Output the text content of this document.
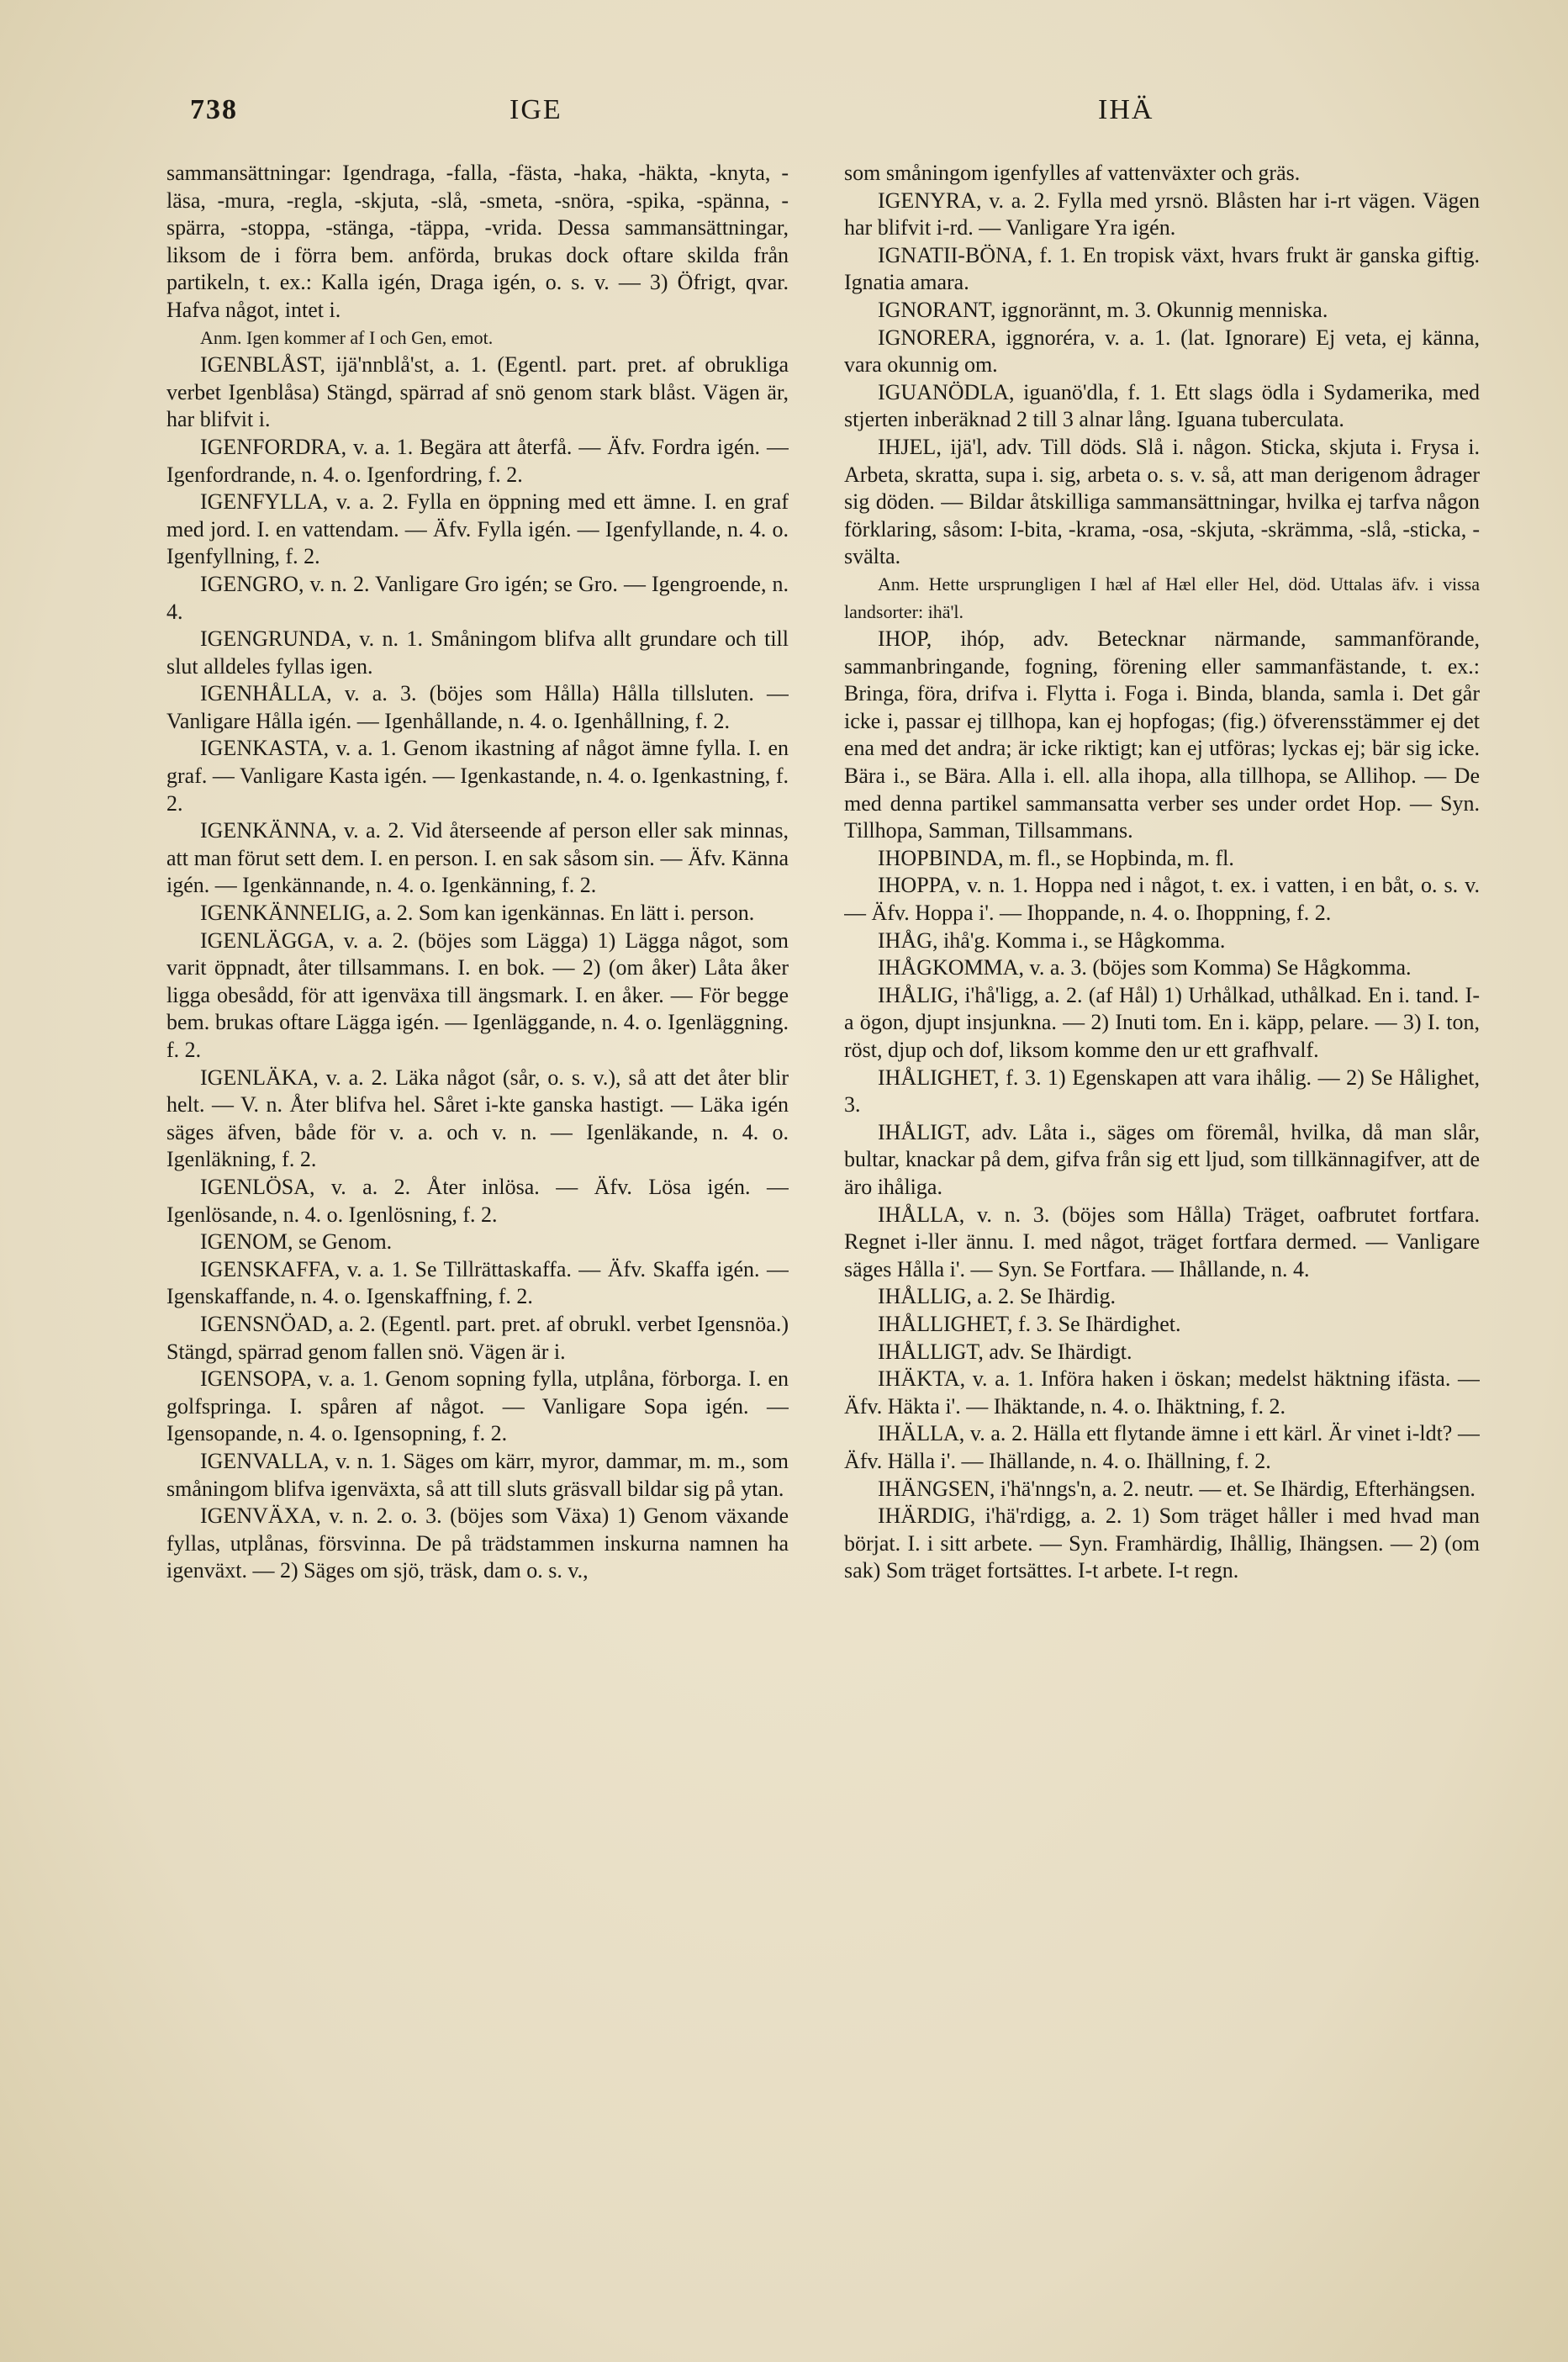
738	IGE	IHÄ

sammansättningar: Igendraga, -falla, -fästa, -haka, -häkta, -knyta, -läsa, -mura, -regla, -skjuta, -slå, -smeta, -snöra, -spika, -spänna, -spärra, -stoppa, -stänga, -täppa, -vrida. Dessa sammansättningar, liksom de i förra bem. anförda, brukas dock oftare skilda från partikeln, t. ex.: Kalla igén, Draga igén, o. s. v. — 3) Öfrigt, qvar. Hafva något, intet i.

Anm. Igen kommer af I och Gen, emot.

IGENBLÅST, ijä'nnblå'st, a. 1. (Egentl. part. pret. af obrukliga verbet Igenblåsa) Stängd, spärrad af snö genom stark blåst. Vägen är, har blifvit i.

IGENFORDRA, v. a. 1. Begära att återfå. — Äfv. Fordra igén. — Igenfordrande, n. 4. o. Igenfordring, f. 2.

IGENFYLLA, v. a. 2. Fylla en öppning med ett ämne. I. en graf med jord. I. en vattendam. — Äfv. Fylla igén. — Igenfyllande, n. 4. o. Igenfyllning, f. 2.

IGENGRO, v. n. 2. Vanligare Gro igén; se Gro. — Igengroende, n. 4.

IGENGRUNDA, v. n. 1. Småningom blifva allt grundare och till slut alldeles fyllas igen.

IGENHÅLLA, v. a. 3. (böjes som Hålla) Hålla tillsluten. — Vanligare Hålla igén. — Igenhållande, n. 4. o. Igenhållning, f. 2.

IGENKASTA, v. a. 1. Genom ikastning af något ämne fylla. I. en graf. — Vanligare Kasta igén. — Igenkastande, n. 4. o. Igenkastning, f. 2.

IGENKÄNNA, v. a. 2. Vid återseende af person eller sak minnas, att man förut sett dem. I. en person. I. en sak såsom sin. — Äfv. Känna igén. — Igenkännande, n. 4. o. Igenkänning, f. 2.

IGENKÄNNELIG, a. 2. Som kan igenkännas. En lätt i. person.

IGENLÄGGA, v. a. 2. (böjes som Lägga) 1) Lägga något, som varit öppnadt, åter tillsammans. I. en bok. — 2) (om åker) Låta åker ligga obesådd, för att igenväxa till ängsmark. I. en åker. — För begge bem. brukas oftare Lägga igén. — Igenläggande, n. 4. o. Igenläggning. f. 2.

IGENLÄKA, v. a. 2. Läka något (sår, o. s. v.), så att det åter blir helt. — V. n. Åter blifva hel. Såret i-kte ganska hastigt. — Läka igén säges äfven, både för v. a. och v. n. — Igenläkande, n. 4. o. Igenläkning, f. 2.

IGENLÖSA, v. a. 2. Åter inlösa. — Äfv. Lösa igén. — Igenlösande, n. 4. o. Igenlösning, f. 2.

IGENOM, se Genom.

IGENSKAFFA, v. a. 1. Se Tillrättaskaffa. — Äfv. Skaffa igén. — Igenskaffande, n. 4. o. Igenskaffning, f. 2.

IGENSNÖAD, a. 2. (Egentl. part. pret. af obrukl. verbet Igensnöa.) Stängd, spärrad genom fallen snö. Vägen är i.

IGENSOPA, v. a. 1. Genom sopning fylla, utplåna, förborga. I. en golfspringa. I. spåren af något. — Vanligare Sopa igén. — Igensopande, n. 4. o. Igensopning, f. 2.

IGENVALLA, v. n. 1. Säges om kärr, myror, dammar, m. m., som småningom blifva igenväxta, så att till sluts gräsvall bildar sig på ytan.

IGENVÄXA, v. n. 2. o. 3. (böjes som Växa) 1) Genom växande fyllas, utplånas, försvinna. De på trädstammen inskurna namnen ha igenväxt. — 2) Säges om sjö, träsk, dam o. s. v.,

som småningom igenfylles af vattenväxter och gräs.

IGENYRA, v. a. 2. Fylla med yrsnö. Blåsten har i-rt vägen. Vägen har blifvit i-rd. — Vanligare Yra igén.

IGNATII-BÖNA, f. 1. En tropisk växt, hvars frukt är ganska giftig. Ignatia amara.

IGNORANT, iggnorännt, m. 3. Okunnig menniska.

IGNORERA, iggnoréra, v. a. 1. (lat. Ignorare) Ej veta, ej känna, vara okunnig om.

IGUANÖDLA, iguanö'dla, f. 1. Ett slags ödla i Sydamerika, med stjerten inberäknad 2 till 3 alnar lång. Iguana tuberculata.

IHJEL, ijä'l, adv. Till döds. Slå i. någon. Sticka, skjuta i. Frysa i. Arbeta, skratta, supa i. sig, arbeta o. s. v. så, att man derigenom ådrager sig döden. — Bildar åtskilliga sammansättningar, hvilka ej tarfva någon förklaring, såsom: I-bita, -krama, -osa, -skjuta, -skrämma, -slå, -sticka, -svälta.

Anm. Hette ursprungligen I hæl af Hæl eller Hel, död. Uttalas äfv. i vissa landsorter: ihä'l.

IHOP, ihóp, adv. Betecknar närmande, sammanförande, sammanbringande, fogning, förening eller sammanfästande, t. ex.: Bringa, föra, drifva i. Flytta i. Foga i. Binda, blanda, samla i. Det går icke i, passar ej tillhopa, kan ej hopfogas; (fig.) öfverensstämmer ej det ena med det andra; är icke riktigt; kan ej utföras; lyckas ej; bär sig icke. Bära i., se Bära. Alla i. ell. alla ihopa, alla tillhopa, se Allihop. — De med denna partikel sammansatta verber ses under ordet Hop. — Syn. Tillhopa, Samman, Tillsammans.

IHOPBINDA, m. fl., se Hopbinda, m. fl.

IHOPPA, v. n. 1. Hoppa ned i något, t. ex. i vatten, i en båt, o. s. v. — Äfv. Hoppa i'. — Ihoppande, n. 4. o. Ihoppning, f. 2.

IHÅG, ihå'g. Komma i., se Hågkomma.

IHÅGKOMMA, v. a. 3. (böjes som Komma) Se Hågkomma.

IHÅLIG, i'hå'ligg, a. 2. (af Hål) 1) Urhålkad, uthålkad. En i. tand. I-a ögon, djupt insjunkna. — 2) Inuti tom. En i. käpp, pelare. — 3) I. ton, röst, djup och dof, liksom komme den ur ett grafhvalf.

IHÅLIGHET, f. 3. 1) Egenskapen att vara ihålig. — 2) Se Hålighet, 3.

IHÅLIGT, adv. Låta i., säges om föremål, hvilka, då man slår, bultar, knackar på dem, gifva från sig ett ljud, som tillkännagifver, att de äro ihåliga.

IHÅLLA, v. n. 3. (böjes som Hålla) Träget, oafbrutet fortfara. Regnet i-ller ännu. I. med något, träget fortfara dermed. — Vanligare säges Hålla i'. — Syn. Se Fortfara. — Ihållande, n. 4.

IHÅLLIG, a. 2. Se Ihärdig.

IHÅLLIGHET, f. 3. Se Ihärdighet.

IHÅLLIGT, adv. Se Ihärdigt.

IHÄKTA, v. a. 1. Införa haken i öskan; medelst häktning ifästa. — Äfv. Häkta i'. — Ihäktande, n. 4. o. Ihäktning, f. 2.

IHÄLLA, v. a. 2. Hälla ett flytande ämne i ett kärl. Är vinet i-ldt? — Äfv. Hälla i'. — Ihällande, n. 4. o. Ihällning, f. 2.

IHÄNGSEN, i'hä'nngs'n, a. 2. neutr. — et. Se Ihärdig, Efterhängsen.

IHÄRDIG, i'hä'rdigg, a. 2. 1) Som träget håller i med hvad man börjat. I. i sitt arbete. — Syn. Framhärdig, Ihållig, Ihängsen. — 2) (om sak) Som träget fortsättes. I-t arbete. I-t regn.
